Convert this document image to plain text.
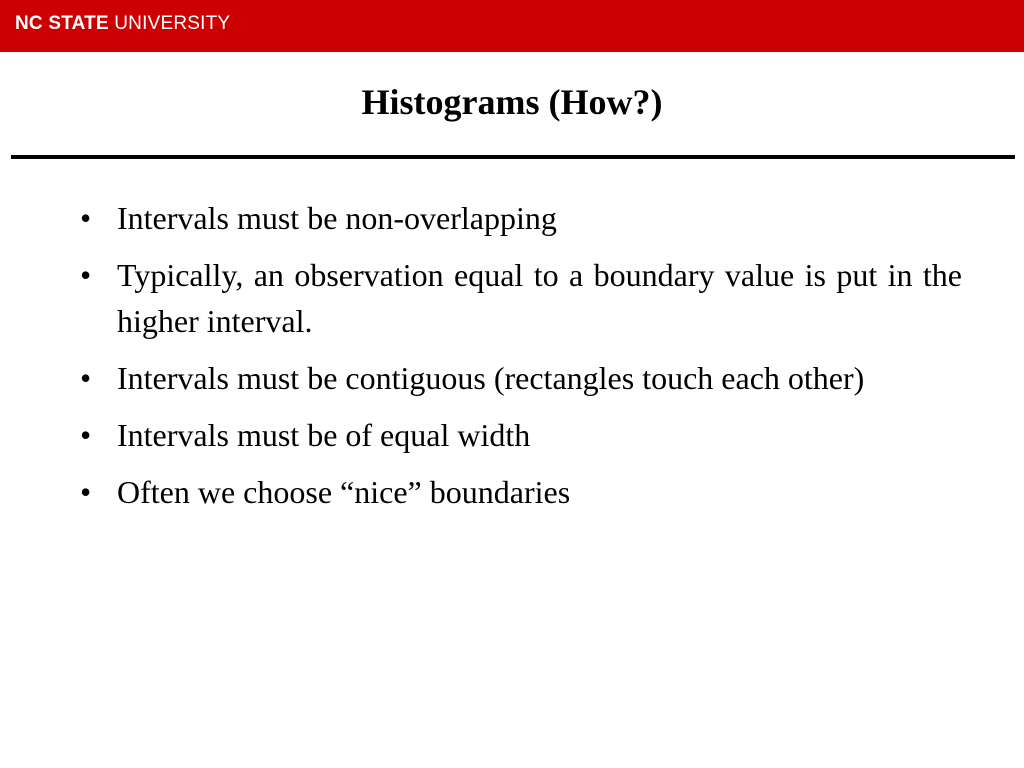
NC STATE UNIVERSITY
Histograms (How?)
• Intervals must be non-overlapping
• Typically, an observation equal to a boundary value is put in the higher interval.
• Intervals must be contiguous (rectangles touch each other)
• Intervals must be of equal width
• Often we choose “nice” boundaries
